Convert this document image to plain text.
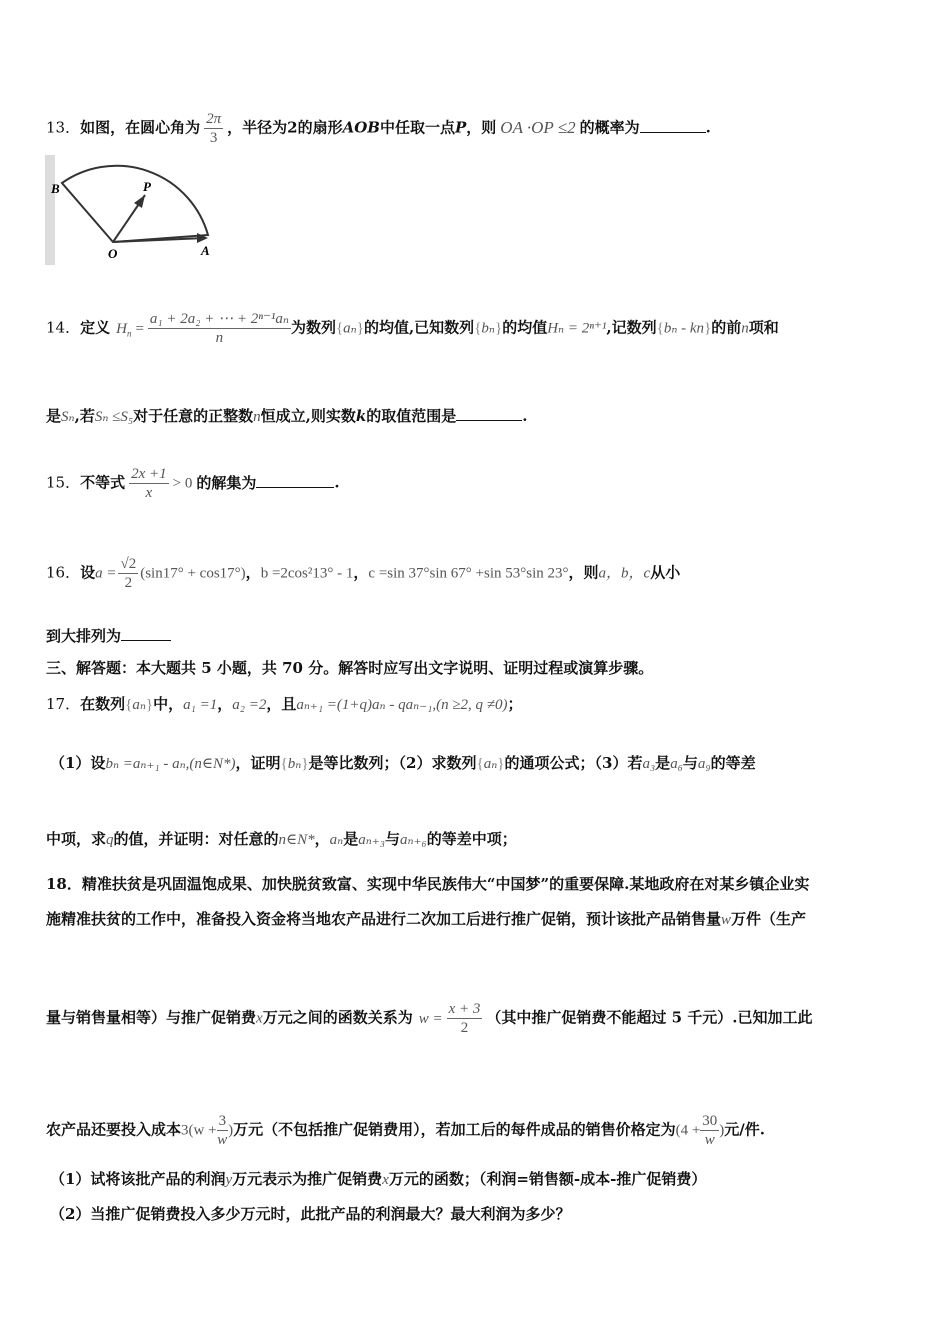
13．如图，在圆心角为 $\frac{2\pi}{3}$ ，半径为2的扇形AOB中任取一点P，则 OA ·OP ≤2 的概率为	.
B	P
O	A
14．定义 $H_n = \frac{\text{a₁ + 2a₂ + ⋯ + 2ⁿ⁻¹aₙ}}{n}$ 为数列{aₙ}的均值,已知数列{bₙ}的均值Hₙ = 2ⁿ⁺¹,记数列{bₙ - kn}的前n项和
是Sₙ,若Sₙ ≤S₅对于任意的正整数n恒成立,则实数k的取值范围是	.
15．不等式 $\frac{2x +1}{x} > 0$ 的解集为	.
16．设$a = \frac{√2}{2} (\sin 17^\circ + \cos 17^\circ)$，b =2cos²13° - 1，c =sin 37°sin 67° +sin 53°sin 23°，则a，b，c从小
到大排列为
三、解答题：本大题共 5 小题，共 70 分。解答时应写出文字说明、证明过程或演算步骤。
17．在数列{aₙ}中，a₁ =1，a₂ =2，且aₙ₊₁ =(1+q)aₙ - qaₙ₋₁,(n ≥2, q ≠0)；
（1）设bₙ =aₙ₊₁ - aₙ,(n∈N*)，证明{bₙ}是等比数列；（2）求数列{aₙ}的通项公式；（3）若a₃是a₆与a₉的等差
中项，求q的值，并证明：对任意的n∈N*，aₙ是aₙ₊₃与aₙ₊₆的等差中项；
18．精准扶贫是巩固温饱成果、加快脱贫致富、实现中华民族伟大“中国梦”的重要保障.某地政府在对某乡镇企业实
施精准扶贫的工作中，准备投入资金将当地农产品进行二次加工后进行推广促销，预计该批产品销售量w万件（生产
量与销售量相等）与推广促销费x万元之间的函数关系为 $w = \frac{x + 3}{2}$ （其中推广促销费不能超过 5 千元）.已知加工此
农产品还要投入成本$3(w + \frac{3}{w}$ )万元（不包括推广促销费用），若加工后的每件成品的销售价格定为($4 + \frac{30}{w}$ )元/件.
（1）试将该批产品的利润y万元表示为推广促销费x万元的函数；（利润=销售额-成本-推广促销费）
（2）当推广促销费投入多少万元时，此批产品的利润最大？最大利润为多少？
